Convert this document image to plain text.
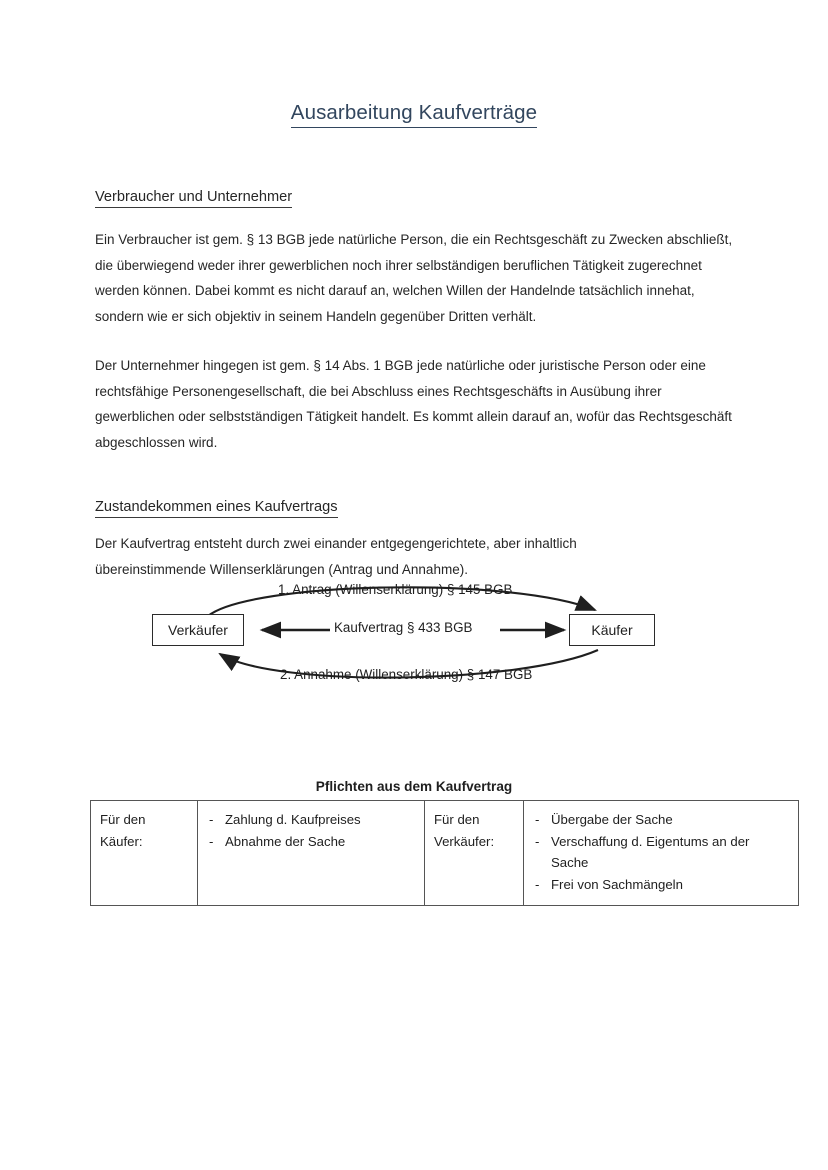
Ausarbeitung Kaufverträge
Verbraucher und Unternehmer
Ein Verbraucher ist gem. § 13 BGB jede natürliche Person, die ein Rechtsgeschäft zu Zwecken abschließt, die überwiegend weder ihrer gewerblichen noch ihrer selbständigen beruflichen Tätigkeit zugerechnet werden können. Dabei kommt es nicht darauf an, welchen Willen der Handelnde tatsächlich innehat, sondern wie er sich objektiv in seinem Handeln gegenüber Dritten verhält.
Der Unternehmer hingegen ist gem. § 14 Abs. 1 BGB jede natürliche oder juristische Person oder eine rechtsfähige Personengesellschaft, die bei Abschluss eines Rechtsgeschäfts in Ausübung ihrer gewerblichen oder selbstständigen Tätigkeit handelt. Es kommt allein darauf an, wofür das Rechtsgeschäft abgeschlossen wird.
Zustandekommen eines Kaufvertrags
Der Kaufvertrag entsteht durch zwei einander entgegengerichtete, aber inhaltlich übereinstimmende Willenserklärungen (Antrag und Annahme).
Verkäufer	Käufer
1. Antrag (Willenserklärung) § 145 BGB
Kaufvertrag § 433 BGB
2. Annahme (Willenserklärung) § 147 BGB
Pflichten aus dem Kaufvertrag
Für den
Käufer:

- Zahlung d. Kaufpreises
- Abnahme der Sache

Für den
Verkäufer:

- Übergabe der Sache
- Verschaffung d. Eigentums an der Sache
- Frei von Sachmängeln
